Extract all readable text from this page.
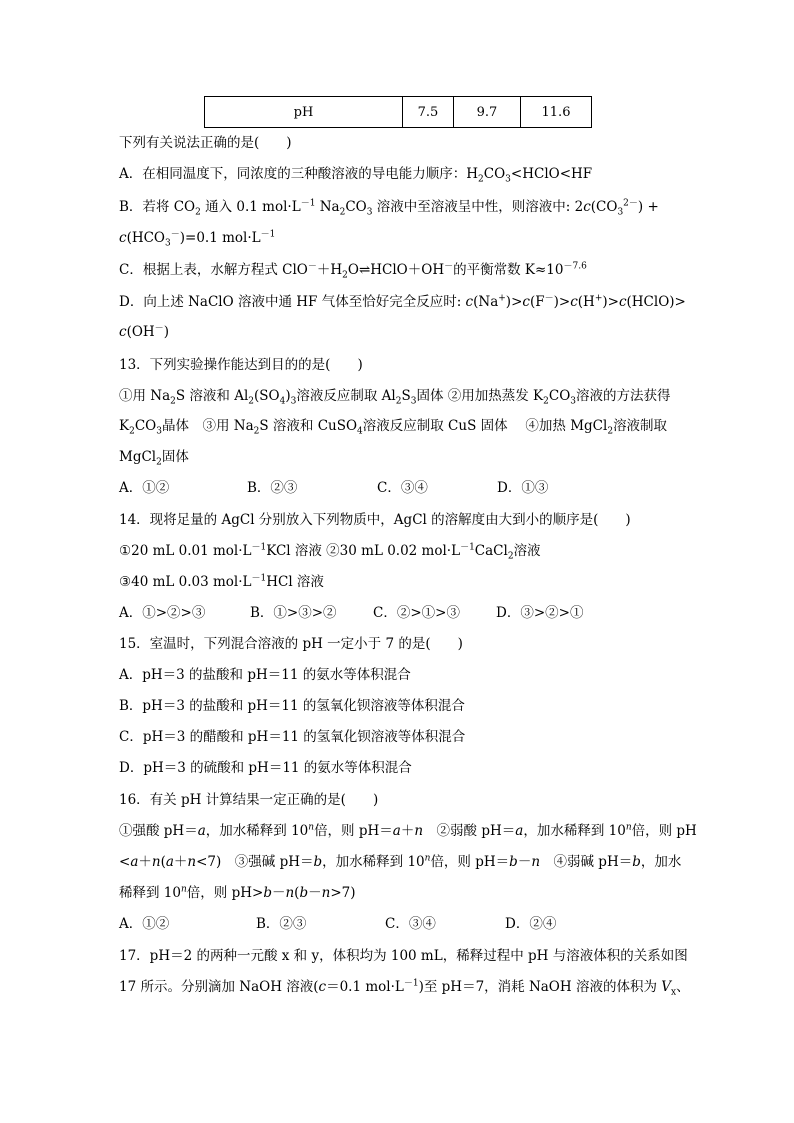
pH	7.5	9.7	11.6
下列有关说法正确的是(　　)
A．在相同温度下，同浓度的三种酸溶液的导电能力顺序：$H_2CO_3<HClO<HF$
B．若将 $CO_2$ 通入 0.1 $mol\cdot L^{-1}$ $Na_2CO_3$ 溶液中至溶液呈中性，则溶液中: $2c(CO_3^{2-})$ +
$c(HCO_3^-)=0.1$ $mol\cdot L^{-1}$
C．根据上表，水解方程式 $ClO^-+H_2O\rightleftharpoons HClO+OH^-$的平衡常数 $K\approx 10^{-7.6}$
D．向上述 NaClO 溶液中通 HF 气体至恰好完全反应时: c(Na+)>c(F－)>c(H+)>c(HClO)>
c(OH－)
13．下列实验操作能达到目的的是(　　)
①用 $Na_2S$ 溶液和 $Al_2(SO_4)_3$溶液反应制取 $Al_2S_3$固体 ②用加热蒸发 $K_2CO_3$溶液的方法获得
$K_2CO_3$晶体　③用 $Na_2S$ 溶液和 CuSO$_4$溶液反应制取 CuS 固体　 ④加热 MgCl$_2$溶液制取
MgCl$_2$固体
A．①②	B．②③	C．③④	D．①③
14．现将足量的 AgCl 分别放入下列物质中，AgCl 的溶解度由大到小的顺序是(　　)
①20 mL 0.01 $mol\cdot L^{-1}KCl$ 溶液 ②30 mL 0.02 $mol\cdot L^{-1}CaCl_2$溶液
③40 mL 0.03 $mol\cdot L^{-1}HCl$ 溶液
A．①>②>③	B．①>③>②	C．②>①>③	D．③>②>①
15．室温时，下列混合溶液的 pH 一定小于 7 的是(　　)
A．pH＝3 的盐酸和 pH＝11 的氨水等体积混合
B．pH＝3 的盐酸和 pH＝11 的氢氧化钡溶液等体积混合
C．pH＝3 的醋酸和 pH＝11 的氢氧化钡溶液等体积混合
D．pH＝3 的硫酸和 pH＝11 的氨水等体积混合
16．有关 pH 计算结果一定正确的是(　　)
①强酸 pH＝a，加水稀释到 10$^n$倍，则 pH＝a＋n　②弱酸 pH＝a，加水稀释到 10$^n$倍，则 pH
<a＋n(a＋n<7)　③强碱 pH＝b，加水稀释到 10$^n$倍，则 pH＝b－n　④弱碱 pH＝b，加水
稀释到 10$^n$倍，则 pH>b－n(b－n>7)
A．①②	B．②③	C．③④	D．②④
17．pH＝2 的两种一元酸 x 和 y，体积均为 100 mL，稀释过程中 pH 与溶液体积的关系如图
17 所示。分别滴加 NaOH 溶液(c＝0.1 $mol\cdot L^{-1}$)至 pH＝7，消耗 NaOH 溶液的体积为 $V_x$、
